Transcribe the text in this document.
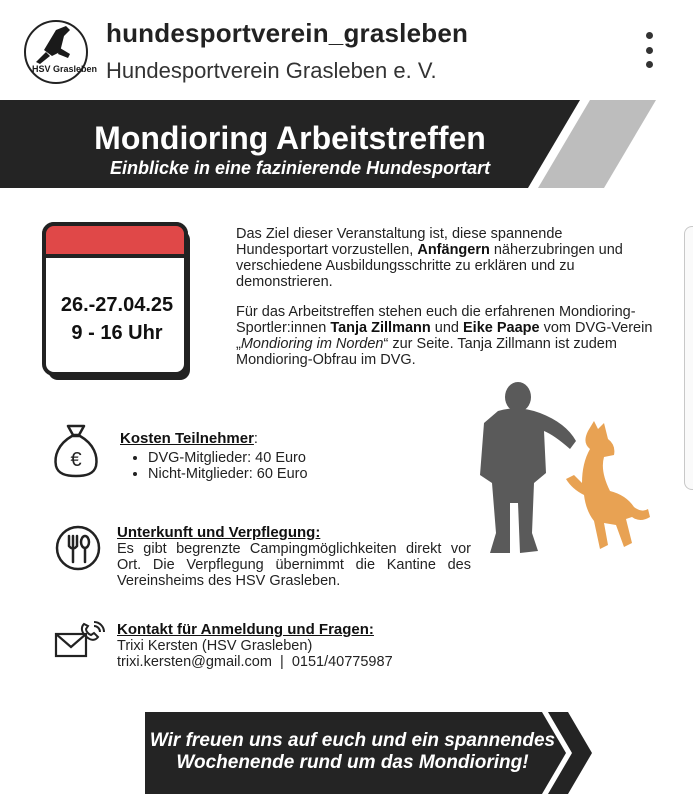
HSV Grasleben
hundesportverein_grasleben
Hundesportverein Grasleben e. V.
Mondioring Arbeitstreffen
Einblicke in eine fazinierende Hundesportart
26.-27.04.25
9 - 16 Uhr

Das Ziel dieser Veranstaltung ist, diese spannende Hundesportart vorzustellen, Anfängern näherzubringen und verschiedene Ausbildungsschritte zu erklären und zu demonstrieren.

Für das Arbeitstreffen stehen euch die erfahrenen Mondioring-Sportler:innen Tanja Zillmann und Eike Paape vom DVG-Verein „Mondioring im Norden“ zur Seite. Tanja Zillmann ist zudem Mondioring-Obfrau im DVG.

€
Kosten Teilnehmer:
• DVG-Mitglieder: 40 Euro
• Nicht-Mitglieder: 60 Euro
Unterkunft und Verpflegung:
Es gibt begrenzte Campingmöglichkeiten direkt vor Ort. Die Verpflegung übernimmt die Kantine des Vereinsheims des HSV Grasleben.
Kontakt für Anmeldung und Fragen:
Trixi Kersten (HSV Grasleben)
trixi.kersten@gmail.com | 0151/40775987
Wir freuen uns auf euch und ein spannendes
Wochenende rund um das Mondioring!
